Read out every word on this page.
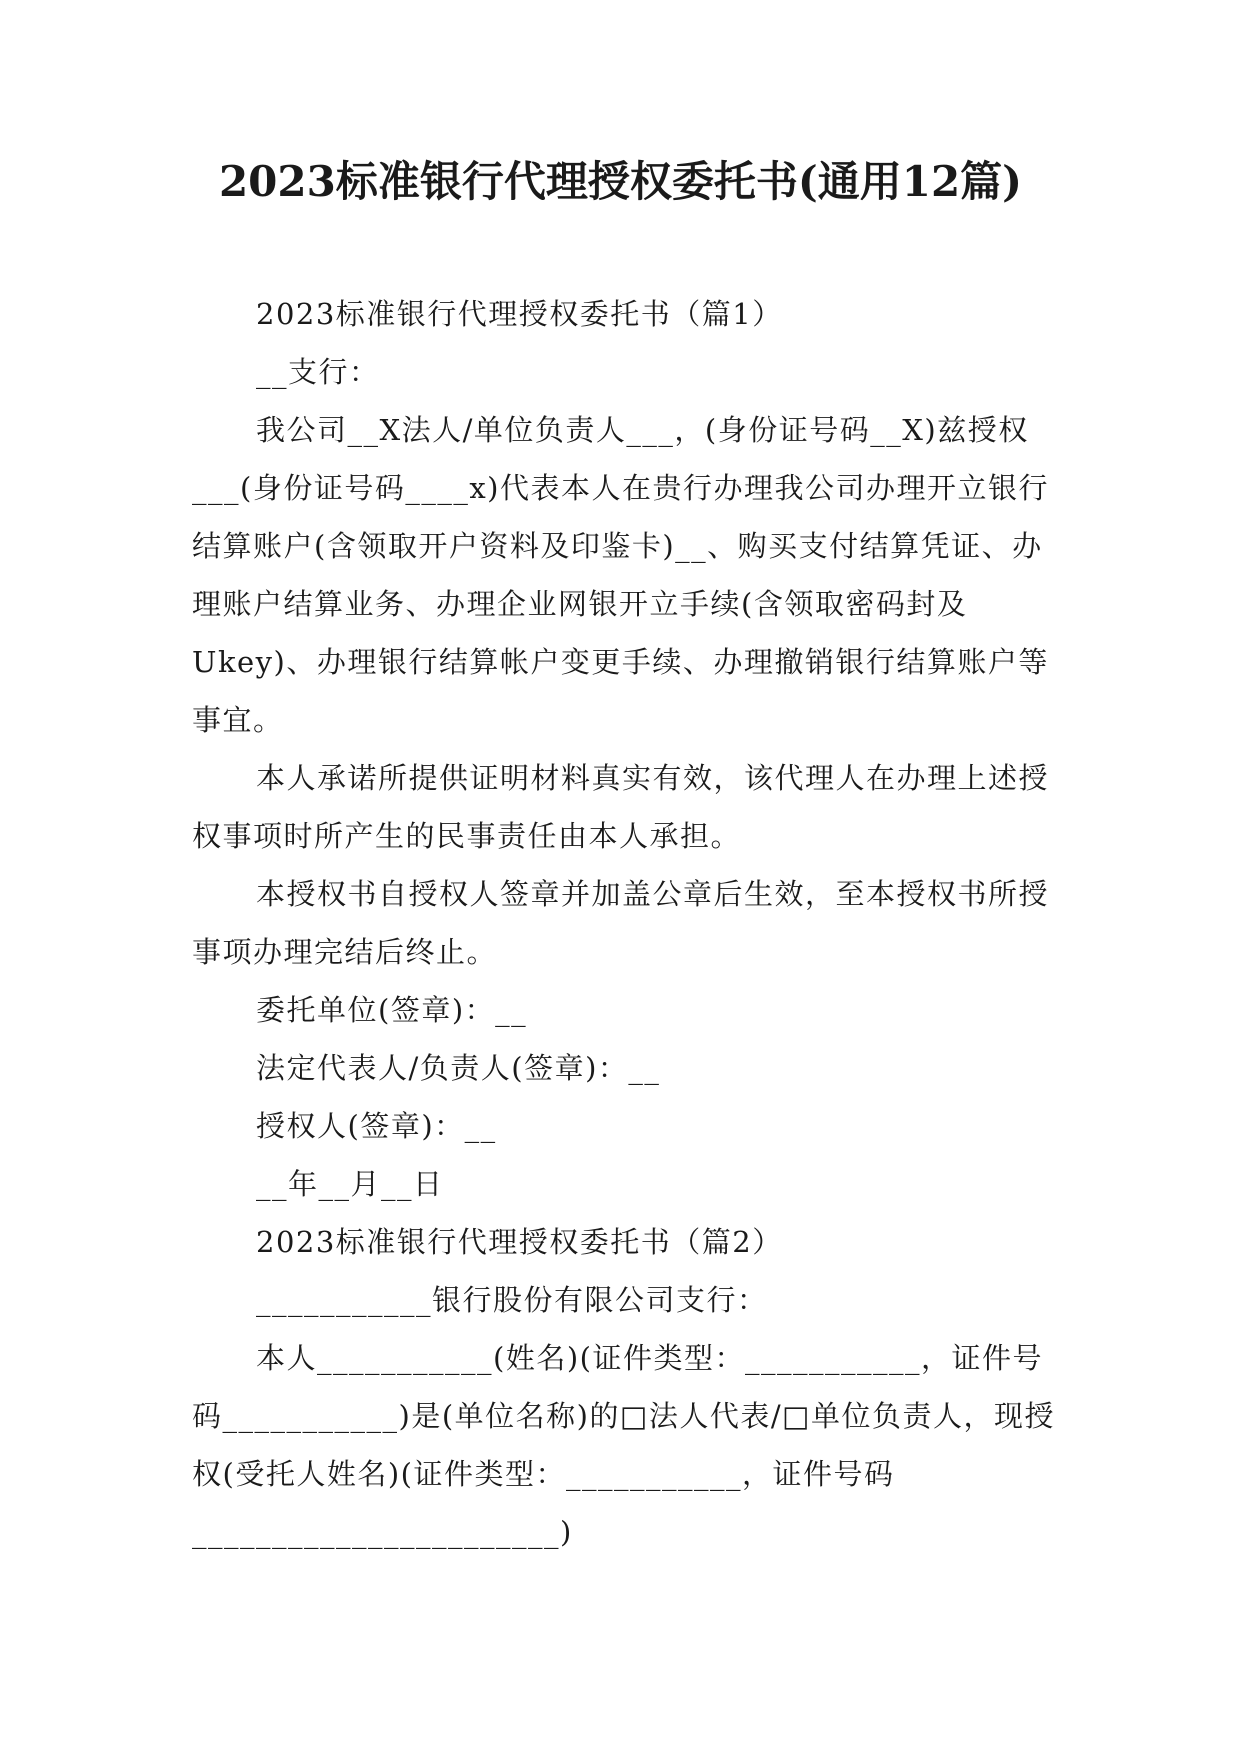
2023标准银行代理授权委托书(通用12篇)

2023标准银行代理授权委托书（篇1）

__支行：

我公司__X法人/单位负责人___，(身份证号码__X)兹授权___(身份证号码____x)代表本人在贵行办理我公司办理开立银行结算账户(含领取开户资料及印鉴卡)__、购买支付结算凭证、办理账户结算业务、办理企业网银开立手续(含领取密码封及Ukey)、办理银行结算帐户变更手续、办理撤销银行结算账户等事宜。

本人承诺所提供证明材料真实有效，该代理人在办理上述授权事项时所产生的民事责任由本人承担。

本授权书自授权人签章并加盖公章后生效，至本授权书所授事项办理完结后终止。

委托单位(签章)：__

法定代表人/负责人(签章)：__

授权人(签章)：__

__年__月__日

2023标准银行代理授权委托书（篇2）

___________银行股份有限公司支行：

本人___________(姓名)(证件类型：___________，证件号码___________)是(单位名称)的□法人代表/□单位负责人，现授权(受托人姓名)(证件类型：___________，证件号码_______________________)
